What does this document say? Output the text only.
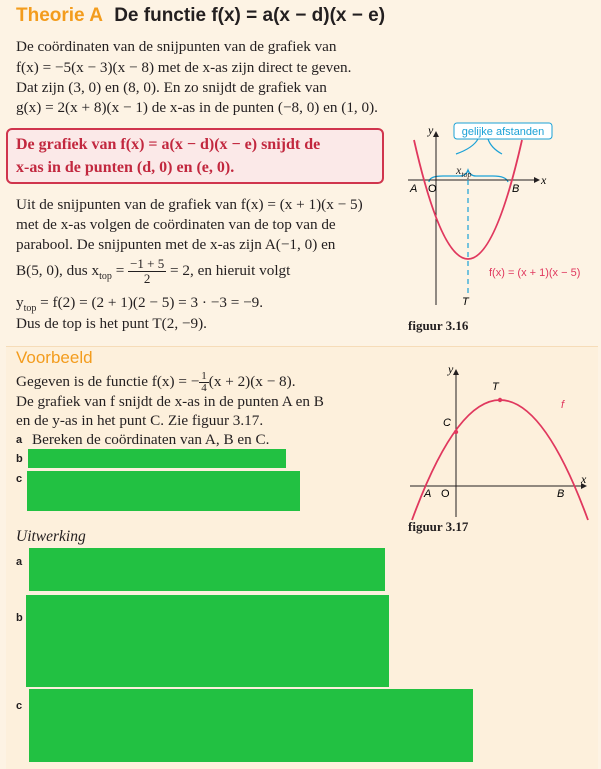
Theorie A De functie f(x) = a(x − d)(x − e)
De coördinaten van de snijpunten van de grafiek van
f(x) = −5(x − 3)(x − 8) met de x-as zijn direct te geven.
Dat zijn (3, 0) en (8, 0). En zo snijdt de grafiek van
g(x) = 2(x + 8)(x − 1) de x-as in de punten (−8, 0) en (1, 0).
De grafiek van f(x) = a(x − d)(x − e) snijdt de
x-as in de punten (d, 0) en (e, 0).
Uit de snijpunten van de grafiek van f(x) = (x + 1)(x − 5)
met de x-as volgen de coördinaten van de top van de
parabool. De snijpunten met de x-as zijn A(−1, 0) en
B(5, 0), dus $x_{top} = \frac{-1 + 5}{2} = 2$, en hieruit volgt
$y_{top} = f(2) = (2 + 1)(2 - 5) = 3 \cdot -3 = -9$.
Dus de top is het punt T(2, −9).
gelijke afstanden
$x_{top}$	x
y
A O	B
T
f(x) = (x + 1)(x − 5)
figuur 3.16
Voorbeeld
Gegeven is de functie f(x) = − $\frac{1}{4} (x + 2)(x - 8)$.
De grafiek van f snijdt de x-as in de punten A en B
en de y-as in het punt C. Zie figuur 3.17.
a Bereken de coördinaten van A, B en C.
b
c	x
y
T
f
C
A O	B
figuur 3.17
Uitwerking
a
b
c
